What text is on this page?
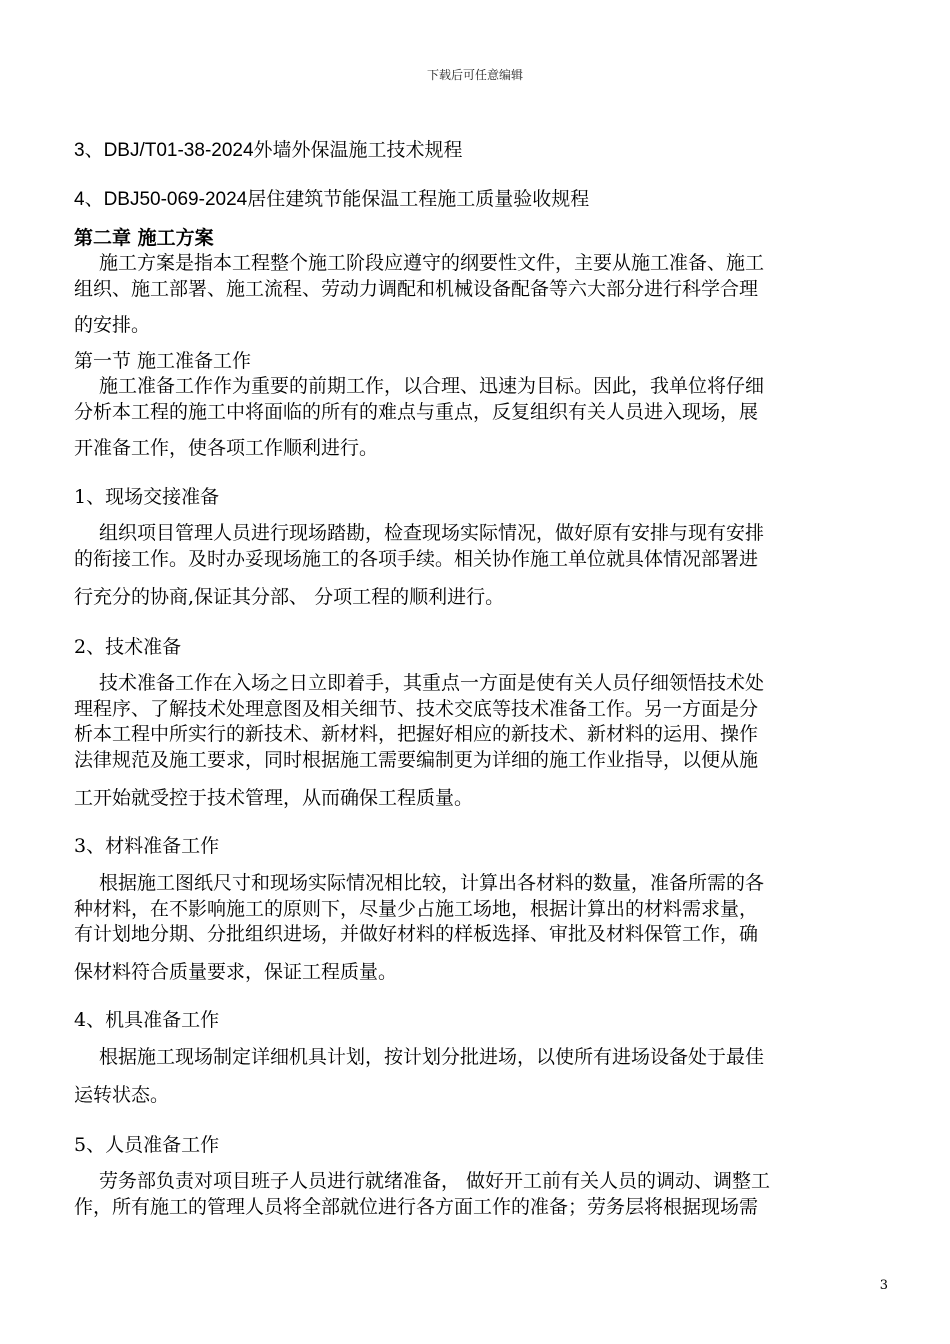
下载后可任意编辑

3、DBJ/T01-38-2024外墙外保温施工技术规程

4、DBJ50-069-2024居住建筑节能保温工程施工质量验收规程

第二章 施工方案

施工方案是指本工程整个施工阶段应遵守的纲要性文件，主要从施工准备、施工

组织、施工部署、施工流程、劳动力调配和机械设备配备等六大部分进行科学合理

的安排。

第一节 施工准备工作

施工准备工作作为重要的前期工作，以合理、迅速为目标。因此，我单位将仔细

分析本工程的施工中将面临的所有的难点与重点，反复组织有关人员进入现场，展

开准备工作，使各项工作顺利进行。

1、现场交接准备

组织项目管理人员进行现场踏勘，检查现场实际情况，做好原有安排与现有安排

的衔接工作。及时办妥现场施工的各项手续。相关协作施工单位就具体情况部署进

行充分的协商,保证其分部、 分项工程的顺利进行。

2、技术准备

技术准备工作在入场之日立即着手，其重点一方面是使有关人员仔细领悟技术处

理程序、了解技术处理意图及相关细节、技术交底等技术准备工作。另一方面是分

析本工程中所实行的新技术、新材料，把握好相应的新技术、新材料的运用、操作

法律规范及施工要求，同时根据施工需要编制更为详细的施工作业指导，以便从施

工开始就受控于技术管理，从而确保工程质量。

3、材料准备工作

根据施工图纸尺寸和现场实际情况相比较，计算出各材料的数量，准备所需的各

种材料，在不影响施工的原则下，尽量少占施工场地，根据计算出的材料需求量，

有计划地分期、分批组织进场，并做好材料的样板选择、审批及材料保管工作，确

保材料符合质量要求，保证工程质量。

4、机具准备工作

根据施工现场制定详细机具计划，按计划分批进场，以使所有进场设备处于最佳

运转状态。

5、人员准备工作

劳务部负责对项目班子人员进行就绪准备， 做好开工前有关人员的调动、调整工

作，所有施工的管理人员将全部就位进行各方面工作的准备；劳务层将根据现场需

3
